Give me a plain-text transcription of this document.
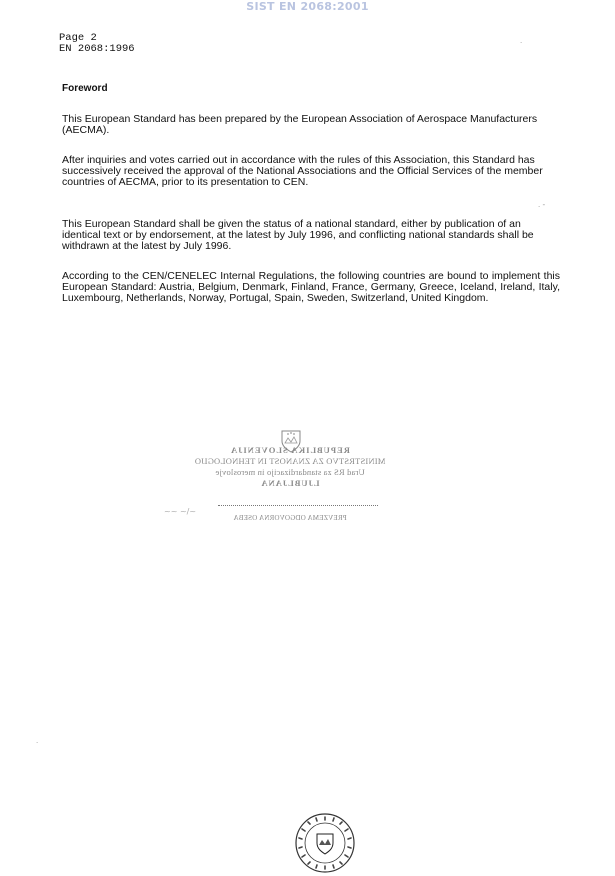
SIST EN 2068:2001
Page 2
EN 2068:1996
Foreword
This European Standard has been prepared by the European Association of Aerospace Manufacturers (AECMA).
After inquiries and votes carried out in accordance with the rules of this Association, this Standard has successively received the approval of the National Associations and the Official Services of the member countries of AECMA, prior to its presentation to CEN.
This European Standard shall be given the status of a national standard, either by publication of an identical text or by endorsement, at the latest by July 1996, and conflicting national standards shall be withdrawn at the latest by July 1996.
According to the CEN/CENELEC Internal Regulations, the following countries are bound to implement this European Standard: Austria, Belgium, Denmark, Finland, France, Germany, Greece, Iceland, Ireland, Italy, Luxembourg, Netherlands, Norway, Portugal, Spain, Sweden, Switzerland, United Kingdom.
REPUBLIKA SLOVENIJA
MINISTRSTVO ZA ZNANOST IN TEHNOLOGIJO
Urad RS za standardizacijo in meroslovje
LJUBLJANA
~~ ~/~
PREVZEMA ODGOVORNA OSEBA
. -
.
.
